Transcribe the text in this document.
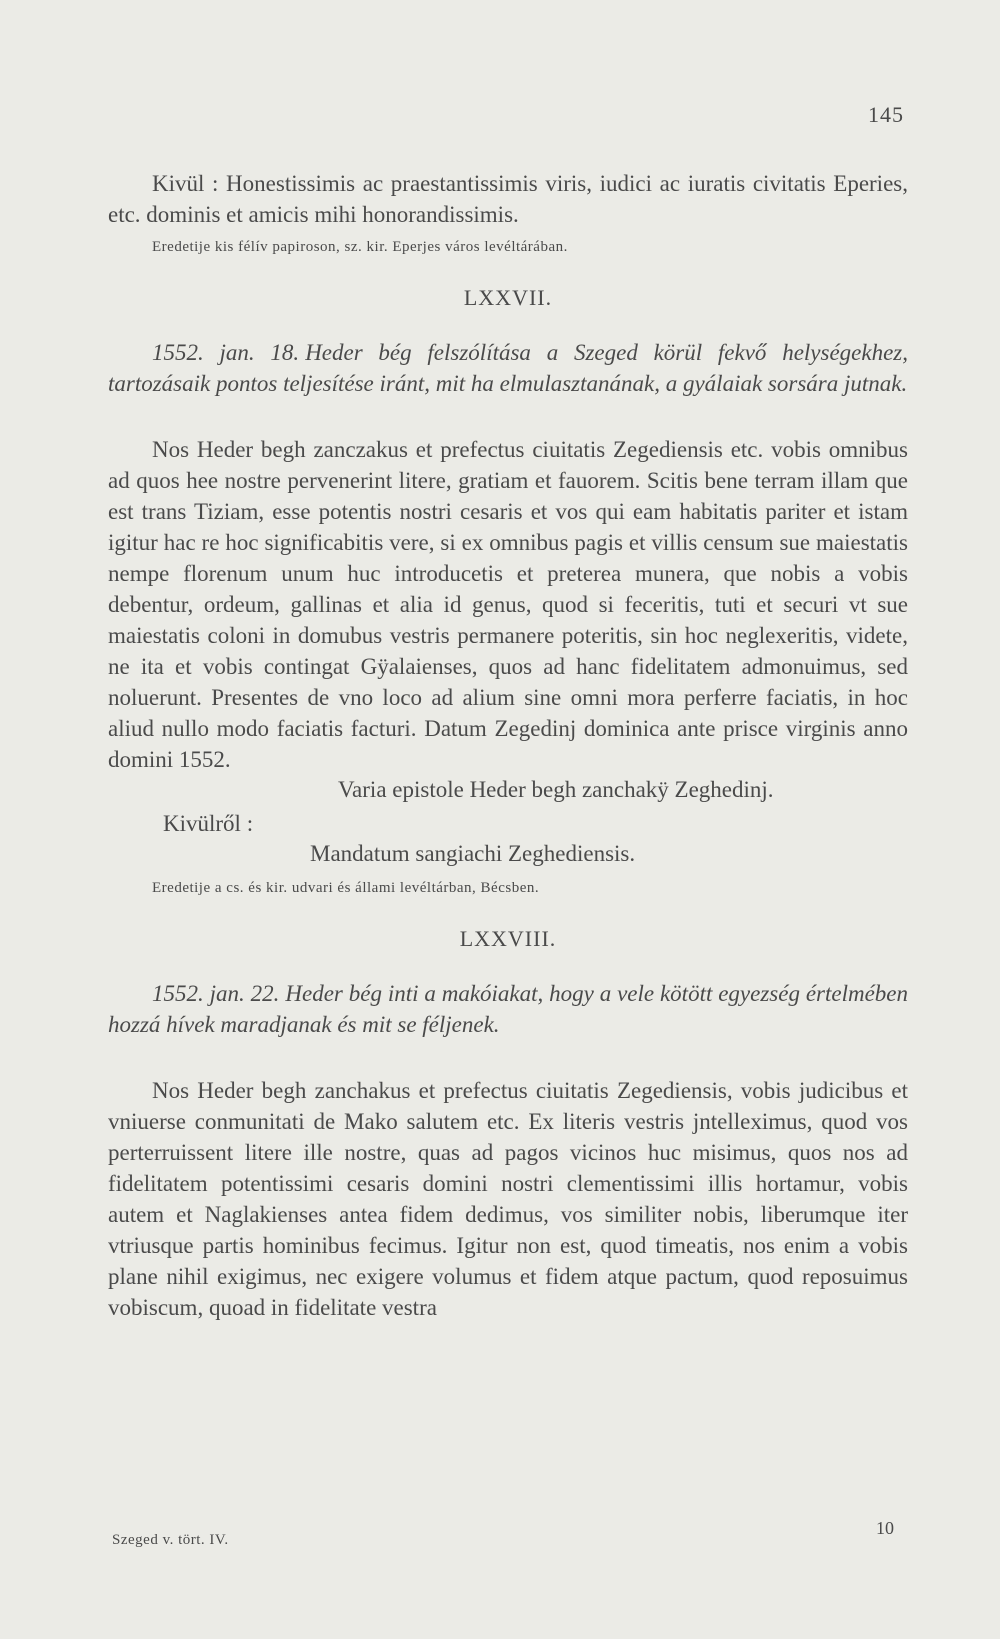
145

Kivül : Honestissimis ac praestantissimis viris, iudici ac iuratis civitatis Eperies, etc. dominis et amicis mihi honorandissimis.

Eredetije kis félív papiroson, sz. kir. Eperjes város levéltárában.

LXXVII.

1552. jan. 18. Heder bég felszólítása a Szeged körül fekvő helységekhez, tartozásaik pontos teljesítése iránt, mit ha elmulasztanának, a gyálaiak sorsára jutnak.

Nos Heder begh zanczakus et prefectus ciuitatis Zegediensis etc. vobis omnibus ad quos hee nostre pervenerint litere, gratiam et fauorem. Scitis bene terram illam que est trans Tiziam, esse potentis nostri cesaris et vos qui eam habitatis pariter et istam igitur hac re hoc significabitis vere, si ex omnibus pagis et villis censum sue maiestatis nempe florenum unum huc introducetis et preterea munera, que nobis a vobis debentur, ordeum, gallinas et alia id genus, quod si feceritis, tuti et securi vt sue maiestatis coloni in domubus vestris permanere poteritis, sin hoc neglexeritis, videte, ne ita et vobis contingat Gÿalaienses, quos ad hanc fidelitatem admonuimus, sed noluerunt. Presentes de vno loco ad alium sine omni mora perferre faciatis, in hoc aliud nullo modo faciatis facturi. Datum Zegedinj dominica ante prisce virginis anno domini 1552.

Varia epistole Heder begh zanchakÿ Zeghedinj.
Kivülről :
Mandatum sangiachi Zeghediensis.

Eredetije a cs. és kir. udvari és állami levéltárban, Bécsben.

LXXVIII.

1552. jan. 22. Heder bég inti a makóiakat, hogy a vele kötött egyezség értelmében hozzá hívek maradjanak és mit se féljenek.

Nos Heder begh zanchakus et prefectus ciuitatis Zegediensis, vobis judicibus et vniuerse conmunitati de Mako salutem etc. Ex literis vestris jntelleximus, quod vos perterruissent litere ille nostre, quas ad pagos vicinos huc misimus, quos nos ad fidelitatem potentissimi cesaris domini nostri clementissimi illis hortamur, vobis autem et Naglakienses antea fidem dedimus, vos similiter nobis, liberumque iter vtriusque partis hominibus fecimus. Igitur non est, quod timeatis, nos enim a vobis plane nihil exigimus, nec exigere volumus et fidem atque pactum, quod reposuimus vobiscum, quoad in fidelitate vestra

Szeged v. tört. IV.
10
